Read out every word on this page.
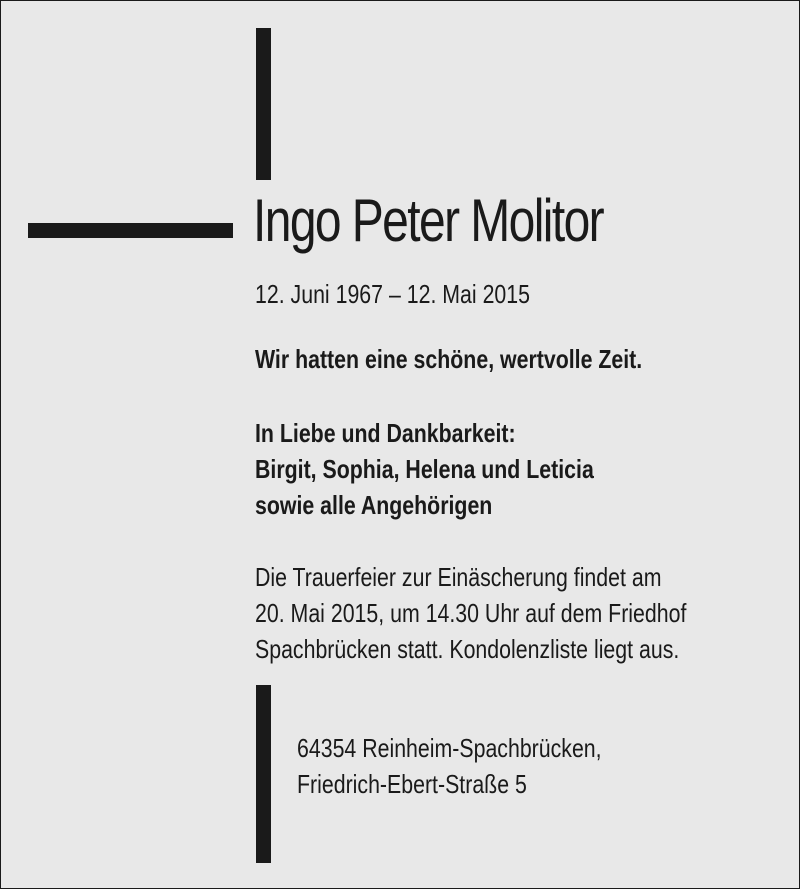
Ingo Peter Molitor
12. Juni 1967 – 12. Mai 2015
Wir hatten eine schöne, wertvolle Zeit.
In Liebe und Dankbarkeit:
Birgit, Sophia, Helena und Leticia
sowie alle Angehörigen
Die Trauerfeier zur Einäscherung findet am
20. Mai 2015, um 14.30 Uhr auf dem Friedhof
Spachbrücken statt. Kondolenzliste liegt aus.
64354 Reinheim-Spachbrücken,
Friedrich-Ebert-Straße 5
